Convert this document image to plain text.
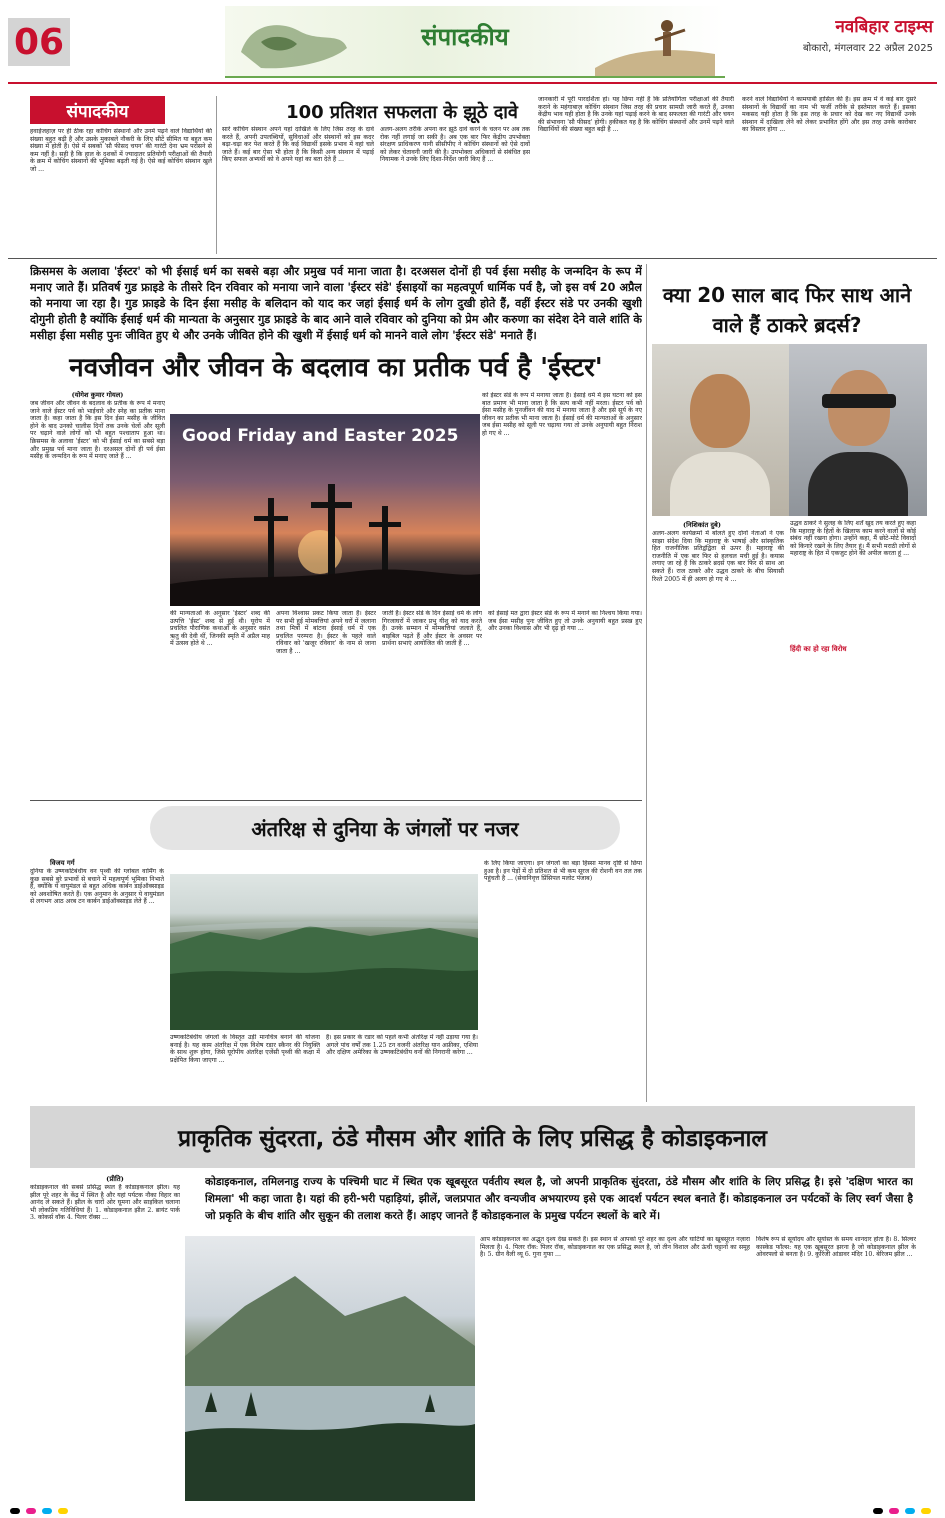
06	संपादकीय	नवबिहार टाइम्स
बोकारो, मंगलवार 22 अप्रैल 2025
संपादकीय	100 प्रतिशत सफलता के झूठे दावे
हवाईजहाज़ पर ही ठीक रहा कोचिंग संस्थानों और उनमें पढ़ने वाले विद्यार्थियों की संख्या बहुत बढ़ी है और उसके मुकाबले नौकरी के लिए सीटें सीमित या बहुत कम संख्या में होती हैं। ऐसे में सबको 'सौ फीसद चयन' की गारंटी देना भ्रम परोसने से कम नहीं है। सही है कि हाल के दशकों में ज्यादातर प्रतियोगी परीक्षाओं की तैयारी के क्रम में कोचिंग संस्थानों की भूमिका बढ़ती गई है। ऐसे कई कोचिंग संस्थान खुले जो ...
सारे कोचिंग संस्थान अपने यहां दाखिले के लिए जिस तरह के दावे करते हैं, अपनी उपलब्धियों, सुविधाओं और संस्थानों को इस कदर बढ़ा-चढ़ा कर पेश करते हैं कि कई विद्यार्थी इसके प्रभाव में वहां चले जाते हैं। कई बार ऐसा भी होता है कि किसी अन्य संस्थान में पढ़ाई किए सफल अभ्यर्थी को वे अपने यहां का बता देते हैं ...
अलग-अलग तरीके अपना कर झूठे दावे करने के चलन पर अब तक रोक नहीं लगाई जा सकी है। अब एक बार फिर केंद्रीय उपभोक्ता संरक्षण प्राधिकरण यानी सीसीपीए ने कोचिंग संस्थानों को ऐसे दावों को लेकर चेतावनी जारी की है। उपभोक्ता अधिकारों से संबंधित इस नियामक ने उनके लिए दिशा-निर्देश जारी किए हैं ...
जानकारी में पूरी पारदर्शिता हो। यह छिपा नहीं है कि प्रतियोगिता परीक्षाओं की तैयारी कराने के महंगाबाज़ कोचिंग संस्थान जिस तरह की प्रचार सामग्री जारी करते हैं, उनका केंद्रीय भाव यही होता है कि उनके यहां पढ़ाई करने के बाद सफलता की गारंटी और चयन की संभावना 'सौ फीसद' होगी। हकीकत यह है कि कोचिंग संस्थानों और उनमें पढ़ने वाले विद्यार्थियों की संख्या बहुत बढ़ी है ...
करने वाले विद्यार्थियों ने कामयाबी हासिल की है। इस क्रम में वे कई बार दूसरे संस्थानों के विद्यार्थी का नाम भी फर्जी तरीके से इस्तेमाल करते हैं। इसका मकसद यही होता है कि इस तरह के प्रचार को देख कर नए विद्यार्थी उनके संस्थान में दाखिला लेने को लेकर प्रभावित होंगे और इस तरह उनके कारोबार का विस्तार होगा ...
क्रिसमस के अलावा 'ईस्टर' को भी ईसाई धर्म का सबसे बड़ा और प्रमुख पर्व माना जाता है। दरअसल दोनों ही पर्व ईसा मसीह के जन्मदिन के रूप में मनाए जाते हैं। प्रतिवर्ष गुड फ्राइडे के तीसरे दिन रविवार को मनाया जाने वाला 'ईस्टर संडे' ईसाइयों का महत्वपूर्ण धार्मिक पर्व है, जो इस वर्ष 20 अप्रैल को मनाया जा रहा है। गुड फ्राइडे के दिन ईसा मसीह के बलिदान को याद कर जहां ईसाई धर्म के लोग दुखी होते हैं, वहीं ईस्टर संडे पर उनकी खुशी दोगुनी होती है क्योंकि ईसाई धर्म की मान्यता के अनुसार गुड फ्राइडे के बाद आने वाले रविवार को दुनिया को प्रेम और करुणा का संदेश देने वाले शांति के मसीहा ईसा मसीह पुनः जीवित हुए थे और उनके जीवित होने की खुशी में ईसाई धर्म को मानने वाले लोग 'ईस्टर संडे' मनाते हैं।
नवजीवन और जीवन के बदलाव का प्रतीक पर्व है 'ईस्टर'
(योगेश कुमार गोयल)
जब जीवन और जीवन के बदलाव के प्रतीक के रूप में मनाए जाने वाले ईस्टर पर्व को भाईचारे और स्नेह का प्रतीक माना जाता है। कहा जाता है कि इस दिन ईसा मसीह के जीवित होने के बाद उनको चालीस दिनों तक उनके चेलों और सूली पर चढ़ाने वाले लोगों को भी बहुत पश्चाताप हुआ था। क्रिसमस के अलावा 'ईस्टर' को भी ईसाई धर्म का सबसे बड़ा और प्रमुख पर्व माना जाता है। दरअसल दोनों ही पर्व ईसा मसीह के जन्मदिन के रूप में मनाए जाते हैं ...
Good Friday and Easter 2025
को ईस्टर संडे के रूप में मनाया जाता है। ईसाई धर्म में इस घटना को इस बात प्रमाण भी माना जाता है कि सत्य कभी नहीं मरता। ईस्टर पर्व को ईसा मसीह के पुनर्जीवन की याद में मनाया जाता है और इसे सूर्य के नए जीवन का प्रतीक भी माना जाता है। ईसाई धर्म की मान्यताओं के अनुसार जब ईसा मसीह को सूली पर चढ़ाया गया तो उनके अनुयायी बहुत निराश हो गए थे ...
की मान्यताओं के अनुसार 'ईस्टर' शब्द की उत्पत्ति 'ईस्ट' शब्द से हुई थी। यूरोप में प्रचलित पौराणिक कथाओं के अनुसार वसंत ऋतु की देवी थीं, जिनकी स्मृति में अप्रैल माह में उत्सव होते थे ...
अपना विश्वास प्रकट किया जाता है। ईस्टर पर सभी हुई मोमबत्तियां अपने घरों में जलाना तथा मित्रों में बांटना ईसाई धर्म में एक प्रचलित परम्परा है। ईस्टर के पहले वाले रविवार को 'खजूर रविवार' के नाम से जाना जाता है ...
जाती है। ईस्टर संडे के दिन ईसाई धर्म के लोग गिरजाघरों में जाकर प्रभु यीशु को याद करते हैं। उनके सम्मान में मोमबत्तियां जलाते हैं, बाइबिल पढ़ते हैं और ईस्टर के अवसर पर प्रार्थना सभाएं आयोजित की जाती हैं ...
को ईसाई मत द्वारा ईस्टर संडे के रूप में मनाने का निश्चय किया गया। जब ईसा मसीह पुनः जीवित हुए तो उनके अनुयायी बहुत प्रसन्न हुए और उनका विश्वास और भी दृढ़ हो गया ...
क्या 20 साल बाद फिर साथ आने वाले हैं ठाकरे ब्रदर्स?
(निशिकांत दुबे)
अलग-अलग कार्यक्रमों में बोलते हुए दोनों नेताओं ने एक साझा संदेश दिया कि महाराष्ट्र के भाषाई और सांस्कृतिक हित राजनीतिक प्रतिद्वंद्विता से ऊपर हैं। महाराष्ट्र की राजनीति में एक बार फिर से हलचल मची हुई है। कयास लगाए जा रहे हैं कि ठाकरे ब्रदर्स एक बार फिर से साथ आ सकते हैं। राज ठाकरे और उद्धव ठाकरे के बीच सियासी रिश्ते 2005 में ही अलग हो गए थे ...
उद्धव ठाकरे ने सुलह के लिए शर्तें खुद तय करते हुए कहा कि महाराष्ट्र के हितों के खिलाफ काम करने वालों से कोई संबंध नहीं रखना होगा। उन्होंने कहा, मैं छोटे-मोटे विवादों को किनारे रखने के लिए तैयार हूं। मैं सभी मराठी लोगों से महाराष्ट्र के हित में एकजुट होने की अपील करता हूं ...
हिंदी का हो रहा विरोध
अंतरिक्ष से दुनिया के जंगलों पर नजर
विजय गर्ग
दुनिया के उष्णकटिबंधीय वन पृथ्वी की ग्लोबल वार्मिंग के कुछ सबसे बुरे प्रभावों से बचाने में महत्वपूर्ण भूमिका निभाते हैं, क्योंकि ये वायुमंडल से बहुत अधिक कार्बन डाईऑक्साइड को अवशोषित करते हैं। एक अनुमान के अनुसार ये वायुमंडल से लगभग आठ अरब टन कार्बन डाईऑक्साइड लेते हैं ...
उष्णकटिबंधीय जंगलों के विस्तृत उड़ी मानचित्र बनाने की योजना बनाई है। यह काम अंतरिक्ष में एक विशेष रडार स्कैनर की नियुक्ति के साथ शुरू होगा, जिसे यूरोपीय अंतरिक्ष एजेंसी पृथ्वी की कक्षा में प्रक्षेपित किया जाएगा ...
है। इस प्रकार के रडार को पहले कभी अंतरिक्ष में नहीं उड़ाया गया है। अगले पांच वर्षों तक 1.25 टन वजनी अंतरिक्ष यान अफ्रीका, एशिया और दक्षिण अमेरिका के उष्णकटिबंधीय वनों की निगरानी करेगा ...
के लिए किया जाएगा। इन जंगलों का बड़ा हिस्सा मानव दृष्टि से छिपा हुआ है। इन पेड़ों में दो प्रतिशत से भी कम सूरज की रोशनी वन तल तक पहुंचती है ... (सेवानिवृत्त प्रिंसिपल मलोट पंजाब)
प्राकृतिक सुंदरता, ठंडे मौसम और शांति के लिए प्रसिद्ध है कोडाइकनाल
(प्रीति)	कोडाइकनाल, तमिलनाडु राज्य के पश्चिमी घाट में स्थित एक खूबसूरत पर्वतीय स्थल है, जो अपनी प्राकृतिक सुंदरता, ठंडे मौसम और शांति के लिए प्रसिद्ध है। इसे 'दक्षिण भारत का शिमला' भी कहा जाता है। यहां की हरी-भरी पहाड़ियां, झीलें, जलप्रपात और वन्यजीव अभयारण्य इसे एक आदर्श पर्यटन स्थल बनाते हैं। कोडाइकनाल उन पर्यटकों के लिए स्वर्ग जैसा है जो प्रकृति के बीच शांति और सुकून की तलाश करते हैं। आइए जानते हैं कोडाइकनाल के प्रमुख पर्यटन स्थलों के बारे में।
कोडाइकनाल की सबसे प्रसिद्ध स्थल है कोडाइकनाल झील। यह झील पूरे शहर के केंद्र में स्थित है और यहां पर्यटक नौका विहार का आनंद ले सकते हैं। झील के चारों ओर घूमना और साइकिल चलाना भी लोकप्रिय गतिविधियां हैं। 1. कोडाइकनाल झील 2. ब्रायंट पार्क 3. कोकर्स वॉक 4. पिलर रॉक्स ...
आप कोडाइकनाल का अद्भुत दृश्य देख सकते हैं। इस स्थान से आपको पूरे शहर का दृश्य और घाटियों का खूबसूरत नज़ारा मिलता है। 4. पिलर रॉक: पिलर रॉक, कोडाइकनाल का एक प्रसिद्ध स्थल है, जो तीन विशाल और ऊंची चट्टानों का समूह है। 5. ग्रीन वैली व्यू 6. गुना गुफा ...
विशेष रूप से सूर्योदय और सूर्यास्त के समय शानदार होता है। 8. सिल्वर कास्केड फॉल्स: यह एक खूबसूरत झरना है जो कोडाइकनाल झील के ओवरफ्लो से बनता है। 9. कुरिंजी आंडावर मंदिर 10. बेरिजम झील ...
